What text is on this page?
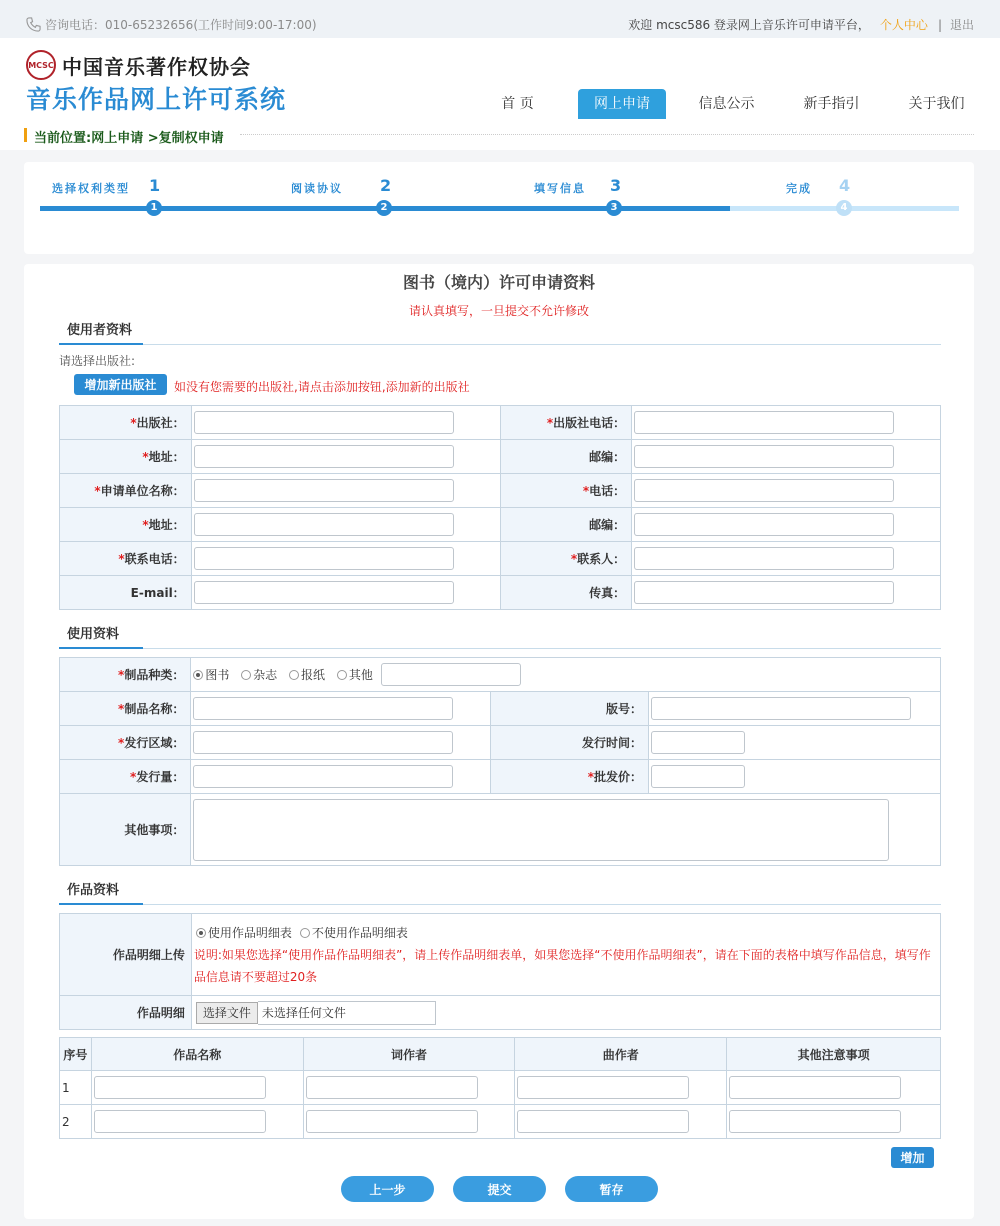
咨询电话：010-65232656(工作时间9:00-17:00)	欢迎 mcsc586 登录网上音乐许可申请平台， 个人中心 | 退出
MCSC 中国音乐著作权协会
音乐作品网上许可系统	首 页	网上申请	信息公示	新手指引	关于我们
当前位置:网上申请 >复制权申请
选择权利类型 1
1
阅读协议 2
2
填写信息 3
3
完成 4
4
图书（境内）许可申请资料
请认真填写，一旦提交不允许修改
使用者资料
请选择出版社:
增加新出版社	如没有您需要的出版社,请点击添加按钮,添加新的出版社
*出版社：		*出版社电话：	
*地址：		邮编：	
*申请单位名称：		*电话：	
*地址：		邮编：	
*联系电话：		*联系人：	
E-mail：		传真：	
使用资料
*制品种类：	图书 杂志 报纸 其他		
*制品名称：		版号：	
*发行区域：		发行时间：	
*发行量：		*批发价：	
其他事项：			
作品资料
作品明细上传	使用作品明细表 不使用作品明细表
说明:如果您选择“使用作品作品明细表”，请上传作品明细表单，如果您选择“不使用作品明细表”，请在下面的表格中填写作品信息，填写作品信息请不要超过20条
作品明细	选择文件 未选择任何文件
序号	作品名称	词作者	曲作者	其他注意事项
1				
2				
增加
上一步	提交	暂存
